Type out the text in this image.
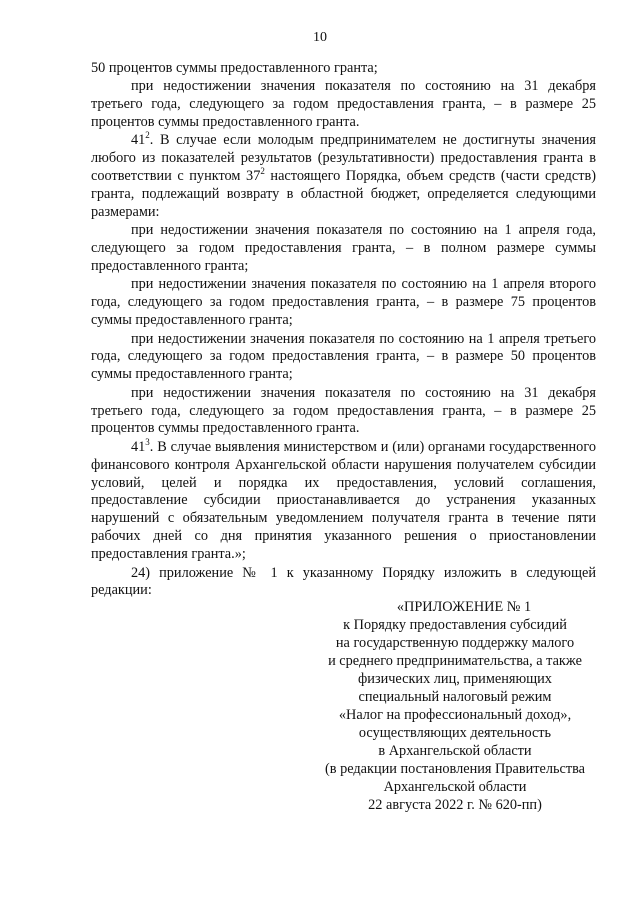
10

50 процентов суммы предоставленного гранта;

при недостижении значения показателя по состоянию на 31 декабря третьего года, следующего за годом предоставления гранта, – в размере 25 процентов суммы предоставленного гранта.

$41^2$. В случае если молодым предпринимателем не достигнуты значения любого из показателей результатов (результативности) предоставления гранта в соответствии с пунктом $37^2$ настоящего Порядка, объем средств (части средств) гранта, подлежащий возврату в областной бюджет, определяется следующими размерами:

при недостижении значения показателя по состоянию на 1 апреля года, следующего за годом предоставления гранта, – в полном размере суммы предоставленного гранта;

при недостижении значения показателя по состоянию на 1 апреля второго года, следующего за годом предоставления гранта, – в размере 75 процентов суммы предоставленного гранта;

при недостижении значения показателя по состоянию на 1 апреля третьего года, следующего за годом предоставления гранта, – в размере 50 процентов суммы предоставленного гранта;

при недостижении значения показателя по состоянию на 31 декабря третьего года, следующего за годом предоставления гранта, – в размере 25 процентов суммы предоставленного гранта.

$41^3$. В случае выявления министерством и (или) органами государственного финансового контроля Архангельской области нарушения получателем субсидии условий, целей и порядка их предоставления, условий соглашения, предоставление субсидии приостанавливается до устранения указанных нарушений с обязательным уведомлением получателя гранта в течение пяти рабочих дней со дня принятия указанного решения о приостановлении предоставления гранта.»;

24) приложение № 1 к указанному Порядку изложить в следующей редакции:

«ПРИЛОЖЕНИЕ № 1
к Порядку предоставления субсидий
на государственную поддержку малого
и среднего предпринимательства, а также
физических лиц, применяющих
специальный налоговый режим
«Налог на профессиональный доход»,
осуществляющих деятельность
в Архангельской области
(в редакции постановления Правительства
Архангельской области
22 августа 2022 г. № 620-пп)
